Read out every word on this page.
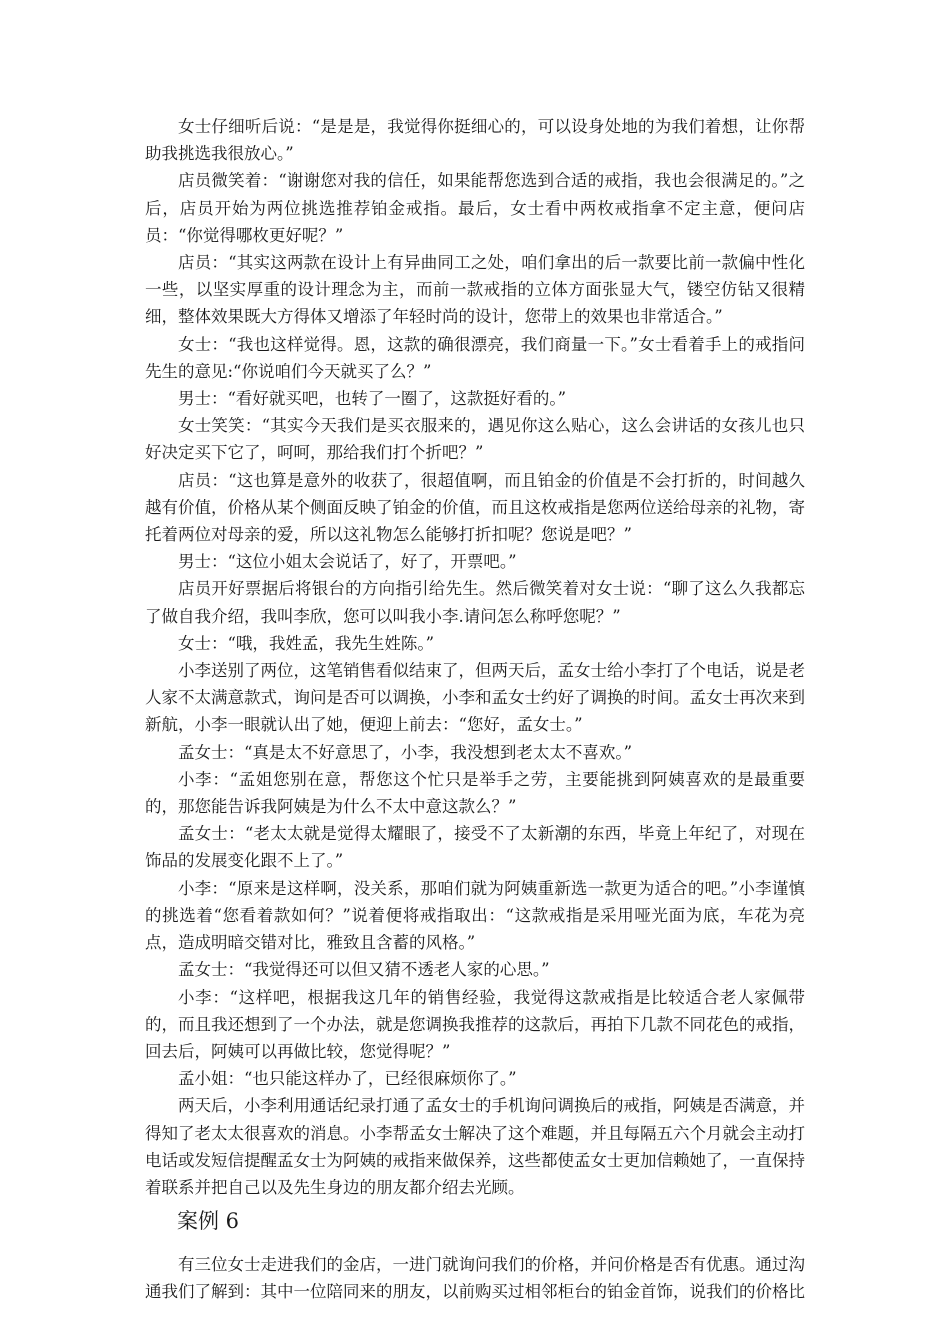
女士仔细听后说：“是是是，我觉得你挺细心的，可以设身处地的为我们着想，让你帮助我挑选我很放心。”

店员微笑着：“谢谢您对我的信任，如果能帮您选到合适的戒指，我也会很满足的。”之后，店员开始为两位挑选推荐铂金戒指。最后，女士看中两枚戒指拿不定主意，便问店员：“你觉得哪枚更好呢？”

店员：“其实这两款在设计上有异曲同工之处，咱们拿出的后一款要比前一款偏中性化一些，以坚实厚重的设计理念为主，而前一款戒指的立体方面张显大气，镂空仿钻又很精细，整体效果既大方得体又增添了年轻时尚的设计，您带上的效果也非常适合。”

女士：“我也这样觉得。恩，这款的确很漂亮，我们商量一下。”女士看着手上的戒指问先生的意见:“你说咱们今天就买了么？”

男士：“看好就买吧，也转了一圈了，这款挺好看的。”

女士笑笑：“其实今天我们是买衣服来的，遇见你这么贴心，这么会讲话的女孩儿也只好决定买下它了，呵呵，那给我们打个折吧？”

店员：“这也算是意外的收获了，很超值啊，而且铂金的价值是不会打折的，时间越久越有价值，价格从某个侧面反映了铂金的价值，而且这枚戒指是您两位送给母亲的礼物，寄托着两位对母亲的爱，所以这礼物怎么能够打折扣呢？您说是吧？”

男士：“这位小姐太会说话了，好了，开票吧。”

店员开好票据后将银台的方向指引给先生。然后微笑着对女士说：“聊了这么久我都忘了做自我介绍，我叫李欣，您可以叫我小李.请问怎么称呼您呢？”

女士：“哦，我姓孟，我先生姓陈。”

小李送别了两位，这笔销售看似结束了，但两天后，孟女士给小李打了个电话，说是老人家不太满意款式，询问是否可以调换，小李和孟女士约好了调换的时间。孟女士再次来到新航，小李一眼就认出了她，便迎上前去：“您好，孟女士。”

孟女士：“真是太不好意思了，小李，我没想到老太太不喜欢。”

小李：“孟姐您别在意，帮您这个忙只是举手之劳，主要能挑到阿姨喜欢的是最重要的，那您能告诉我阿姨是为什么不太中意这款么？”

孟女士：“老太太就是觉得太耀眼了，接受不了太新潮的东西，毕竟上年纪了，对现在饰品的发展变化跟不上了。”

小李：“原来是这样啊，没关系，那咱们就为阿姨重新选一款更为适合的吧。”小李谨慎的挑选着“您看着款如何？”说着便将戒指取出：“这款戒指是采用哑光面为底，车花为亮点，造成明暗交错对比，雅致且含蓄的风格。”

孟女士：“我觉得还可以但又猜不透老人家的心思。”

小李：“这样吧，根据我这几年的销售经验，我觉得这款戒指是比较适合老人家佩带的，而且我还想到了一个办法，就是您调换我推荐的这款后，再拍下几款不同花色的戒指，回去后，阿姨可以再做比较，您觉得呢？”

孟小姐：“也只能这样办了，已经很麻烦你了。”

两天后，小李利用通话纪录打通了孟女士的手机询问调换后的戒指，阿姨是否满意，并得知了老太太很喜欢的消息。小李帮孟女士解决了这个难题，并且每隔五六个月就会主动打电话或发短信提醒孟女士为阿姨的戒指来做保养，这些都使孟女士更加信赖她了，一直保持着联系并把自己以及先生身边的朋友都介绍去光顾。

案例 6

有三位女士走进我们的金店，一进门就询问我们的价格，并问价格是否有优惠。通过沟通我们了解到：其中一位陪同来的朋友，以前购买过相邻柜台的铂金首饰，说我们的价格比
